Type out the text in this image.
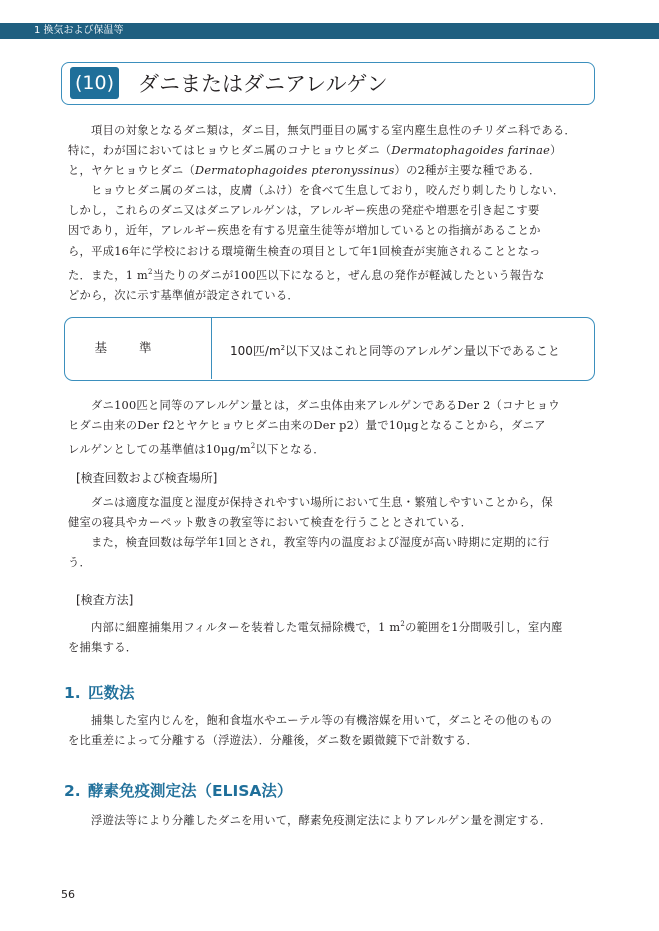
1 換気および保温等
(10) ダニまたはダニアレルゲン
項目の対象となるダニ類は，ダニ目，無気門亜目の属する室内塵生息性のチリダニ科である．
特に，わが国においてはヒョウヒダニ属のコナヒョウヒダニ（Dermatophagoides farinae）
と，ヤケヒョウヒダニ（Dermatophagoides pteronyssinus）の2種が主要な種である．
ヒョウヒダニ属のダニは，皮膚（ふけ）を食べて生息しており，咬んだり刺したりしない．
しかし，これらのダニ又はダニアレルゲンは，アレルギー疾患の発症や増悪を引き起こす要
因であり，近年，アレルギー疾患を有する児童生徒等が増加しているとの指摘があることか
ら，平成16年に学校における環境衛生検査の項目として年1回検査が実施されることとなっ
た．また，1 $m^2$当たりのダニが100匹以下になると，ぜん息の発作が軽減したという報告な
どから，次に示す基準値が設定されている．
基 準	100匹$/m^2$以下又はこれと同等のアレルゲン量以下であること
ダニ100匹と同等のアレルゲン量とは，ダニ虫体由来アレルゲンであるDer 2（コナヒョウ
ヒダニ由来のDer f2とヤケヒョウヒダニ由来のDer p2）量で10μgとなることから，ダニア
レルゲンとしての基準値は$10\mu g/m^2$以下となる．
[検査回数および検査場所]
ダニは適度な温度と湿度が保持されやすい場所において生息・繁殖しやすいことから，保
健室の寝具やカーペット敷きの教室等において検査を行うこととされている．
また，検査回数は毎学年1回とされ，教室等内の温度および湿度が高い時期に定期的に行
う．
[検査方法]
内部に細塵捕集用フィルターを装着した電気掃除機で，1 $m^2$の範囲を1分間吸引し，室内塵
を捕集する．
1. 匹数法
捕集した室内じんを，飽和食塩水やエーテル等の有機溶媒を用いて，ダニとその他のもの
を比重差によって分離する（浮遊法）．分離後，ダニ数を顕微鏡下で計数する．
2. 酵素免疫測定法（ELISA法）
浮遊法等により分離したダニを用いて，酵素免疫測定法によりアレルゲン量を測定する．
56
